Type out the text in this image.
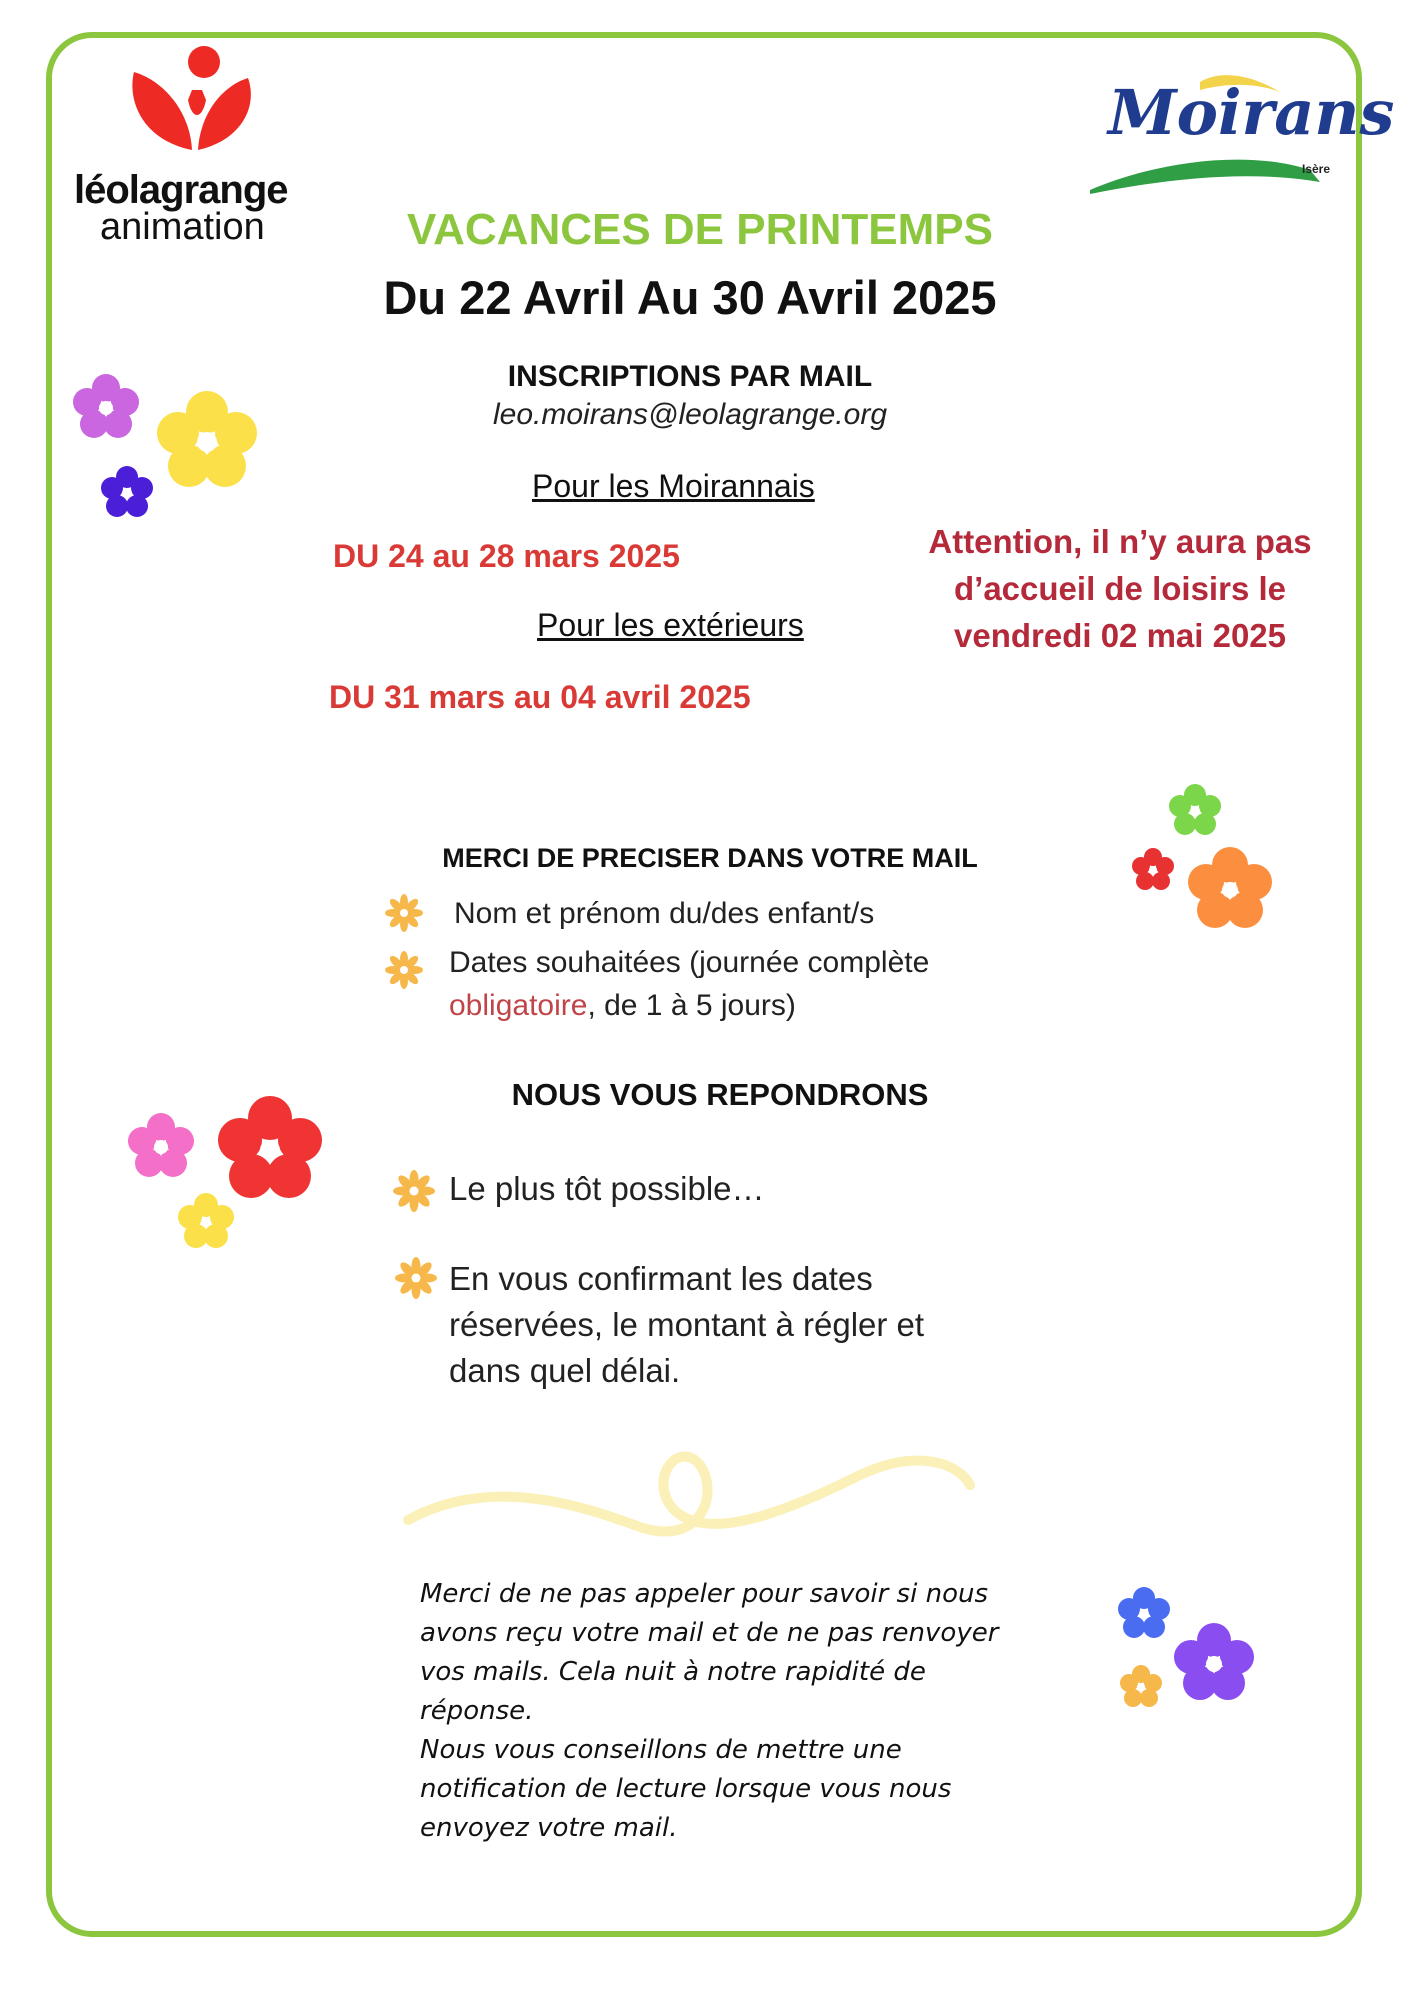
léolagrange
animation
Moirans
Isère
VACANCES DE PRINTEMPS
Du 22 Avril Au 30 Avril 2025
INSCRIPTIONS PAR MAIL
leo.moirans@leolagrange.org
Pour les Moirannais
DU 24 au 28 mars 2025
Pour les extérieurs
DU 31 mars au 04 avril 2025
Attention, il n’y aura pas
d’accueil de loisirs le
vendredi 02 mai 2025
MERCI DE PRECISER DANS VOTRE MAIL
Nom et prénom du/des enfant/s
Dates souhaitées (journée complète
obligatoire, de 1 à 5 jours)
NOUS VOUS REPONDRONS
Le plus tôt possible…
En vous confirmant les dates
réservées, le montant à régler et
dans quel délai.
Merci de ne pas appeler pour savoir si nous
avons reçu votre mail et de ne pas renvoyer
vos mails. Cela nuit à notre rapidité de
réponse.
Nous vous conseillons de mettre une
notification de lecture lorsque vous nous
envoyez votre mail.
